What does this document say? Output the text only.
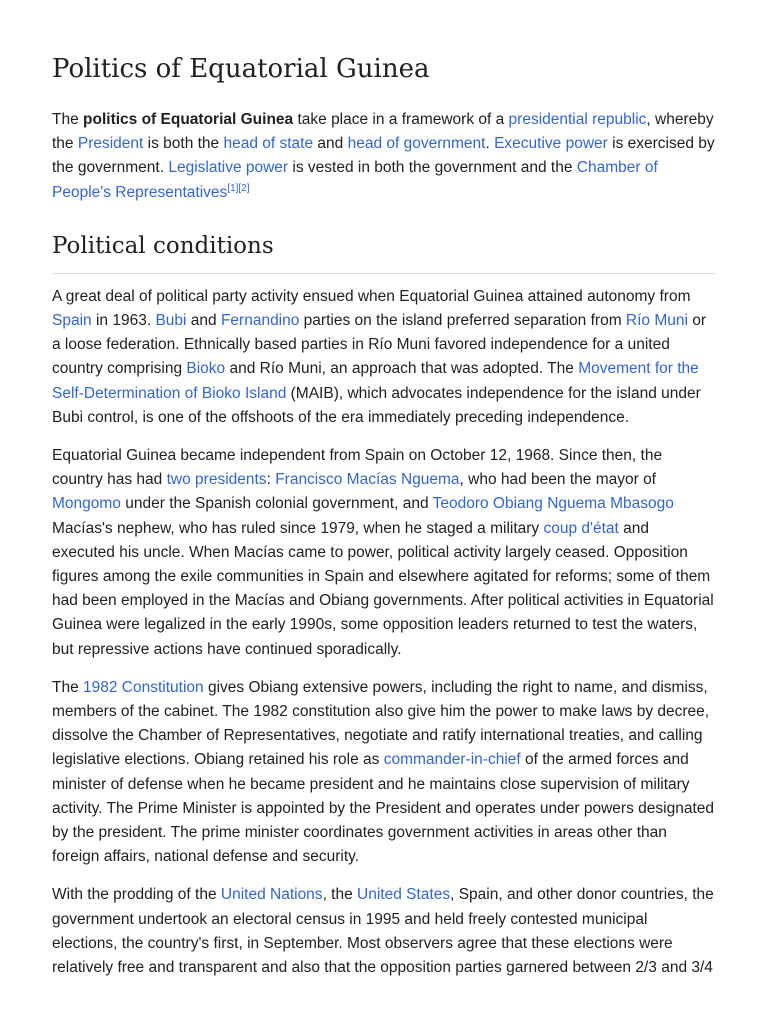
Politics of Equatorial Guinea

The politics of Equatorial Guinea take place in a framework of a presidential republic, whereby the President is both the head of state and head of government. Executive power is exercised by the government. Legislative power is vested in both the government and the Chamber of People's Representatives[1][2]

Political conditions

A great deal of political party activity ensued when Equatorial Guinea attained autonomy from Spain in 1963. Bubi and Fernandino parties on the island preferred separation from Río Muni or a loose federation. Ethnically based parties in Río Muni favored independence for a united country comprising Bioko and Río Muni, an approach that was adopted. The Movement for the Self-Determination of Bioko Island (MAIB), which advocates independence for the island under Bubi control, is one of the offshoots of the era immediately preceding independence.

Equatorial Guinea became independent from Spain on October 12, 1968. Since then, the country has had two presidents: Francisco Macías Nguema, who had been the mayor of Mongomo under the Spanish colonial government, and Teodoro Obiang Nguema Mbasogo Macías's nephew, who has ruled since 1979, when he staged a military coup d'état and executed his uncle. When Macías came to power, political activity largely ceased. Opposition figures among the exile communities in Spain and elsewhere agitated for reforms; some of them had been employed in the Macías and Obiang governments. After political activities in Equatorial Guinea were legalized in the early 1990s, some opposition leaders returned to test the waters, but repressive actions have continued sporadically.

The 1982 Constitution gives Obiang extensive powers, including the right to name, and dismiss, members of the cabinet. The 1982 constitution also give him the power to make laws by decree, dissolve the Chamber of Representatives, negotiate and ratify international treaties, and calling legislative elections. Obiang retained his role as commander-in-chief of the armed forces and minister of defense when he became president and he maintains close supervision of military activity. The Prime Minister is appointed by the President and operates under powers designated by the president. The prime minister coordinates government activities in areas other than foreign affairs, national defense and security.

With the prodding of the United Nations, the United States, Spain, and other donor countries, the government undertook an electoral census in 1995 and held freely contested municipal elections, the country's first, in September. Most observers agree that these elections were relatively free and transparent and also that the opposition parties garnered between 2/3 and 3/4
